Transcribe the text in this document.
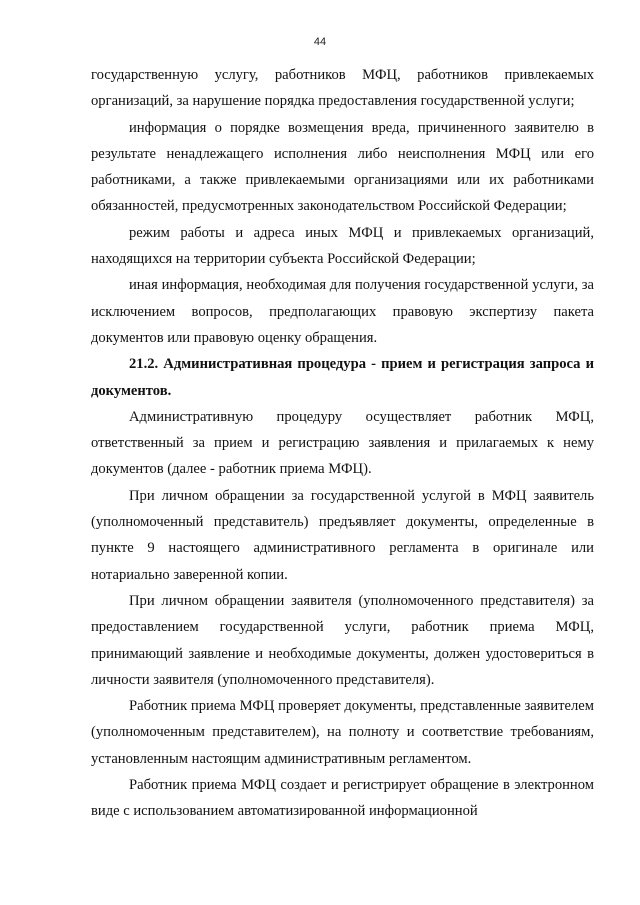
44

государственную услугу, работников МФЦ, работников привлекаемых организаций, за нарушение порядка предоставления государственной услуги;

информация о порядке возмещения вреда, причиненного заявителю в результате ненадлежащего исполнения либо неисполнения МФЦ или его работниками, а также привлекаемыми организациями или их работниками обязанностей, предусмотренных законодательством Российской Федерации;

режим работы и адреса иных МФЦ и привлекаемых организаций, находящихся на территории субъекта Российской Федерации;

иная информация, необходимая для получения государственной услуги, за исключением вопросов, предполагающих правовую экспертизу пакета документов или правовую оценку обращения.

21.2. Административная процедура - прием и регистрация запроса и документов.

Административную процедуру осуществляет работник МФЦ, ответственный за прием и регистрацию заявления и прилагаемых к нему документов (далее - работник приема МФЦ).

При личном обращении за государственной услугой в МФЦ заявитель (уполномоченный представитель) предъявляет документы, определенные в пункте 9 настоящего административного регламента в оригинале или нотариально заверенной копии.

При личном обращении заявителя (уполномоченного представителя) за предоставлением государственной услуги, работник приема МФЦ, принимающий заявление и необходимые документы, должен удостовериться в личности заявителя (уполномоченного представителя).

Работник приема МФЦ проверяет документы, представленные заявителем (уполномоченным представителем), на полноту и соответствие требованиям, установленным настоящим административным регламентом.

Работник приема МФЦ создает и регистрирует обращение в электронном виде с использованием автоматизированной информационной
